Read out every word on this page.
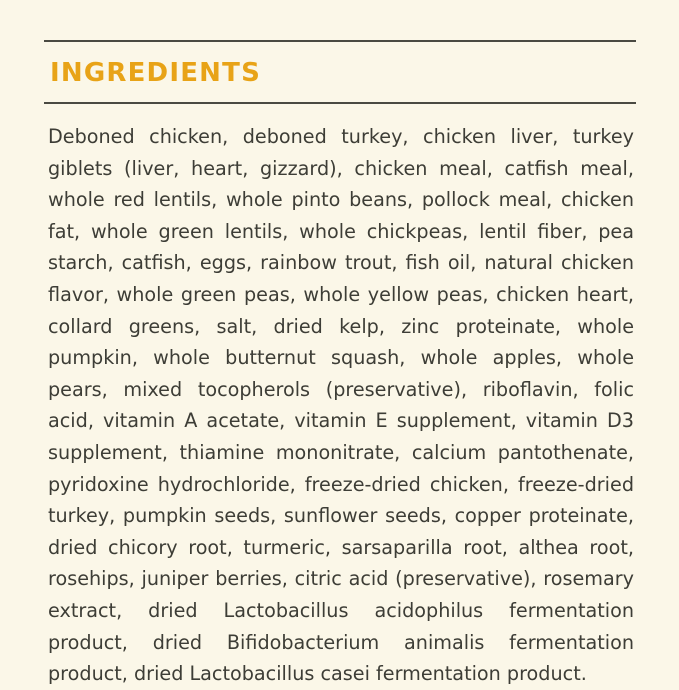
INGREDIENTS
Deboned chicken, deboned turkey, chicken liver, turkey giblets (liver, heart, gizzard), chicken meal, catfish meal, whole red lentils, whole pinto beans, pollock meal, chicken fat, whole green lentils, whole chickpeas, lentil fiber, pea starch, catfish, eggs, rainbow trout, fish oil, natural chicken flavor, whole green peas, whole yellow peas, chicken heart, collard greens, salt, dried kelp, zinc proteinate, whole pumpkin, whole butternut squash, whole apples, whole pears, mixed tocopherols (preservative), riboflavin, folic acid, vitamin A acetate, vitamin E supplement, vitamin D3 supplement, thiamine mononitrate, calcium pantothenate, pyridoxine hydrochloride, freeze-dried chicken, freeze-dried turkey, pumpkin seeds, sunflower seeds, copper proteinate, dried chicory root, turmeric, sarsaparilla root, althea root, rosehips, juniper berries, citric acid (preservative), rosemary extract, dried Lactobacillus acidophilus fermentation product, dried Bifidobacterium animalis fermentation product, dried Lactobacillus casei fermentation product.
